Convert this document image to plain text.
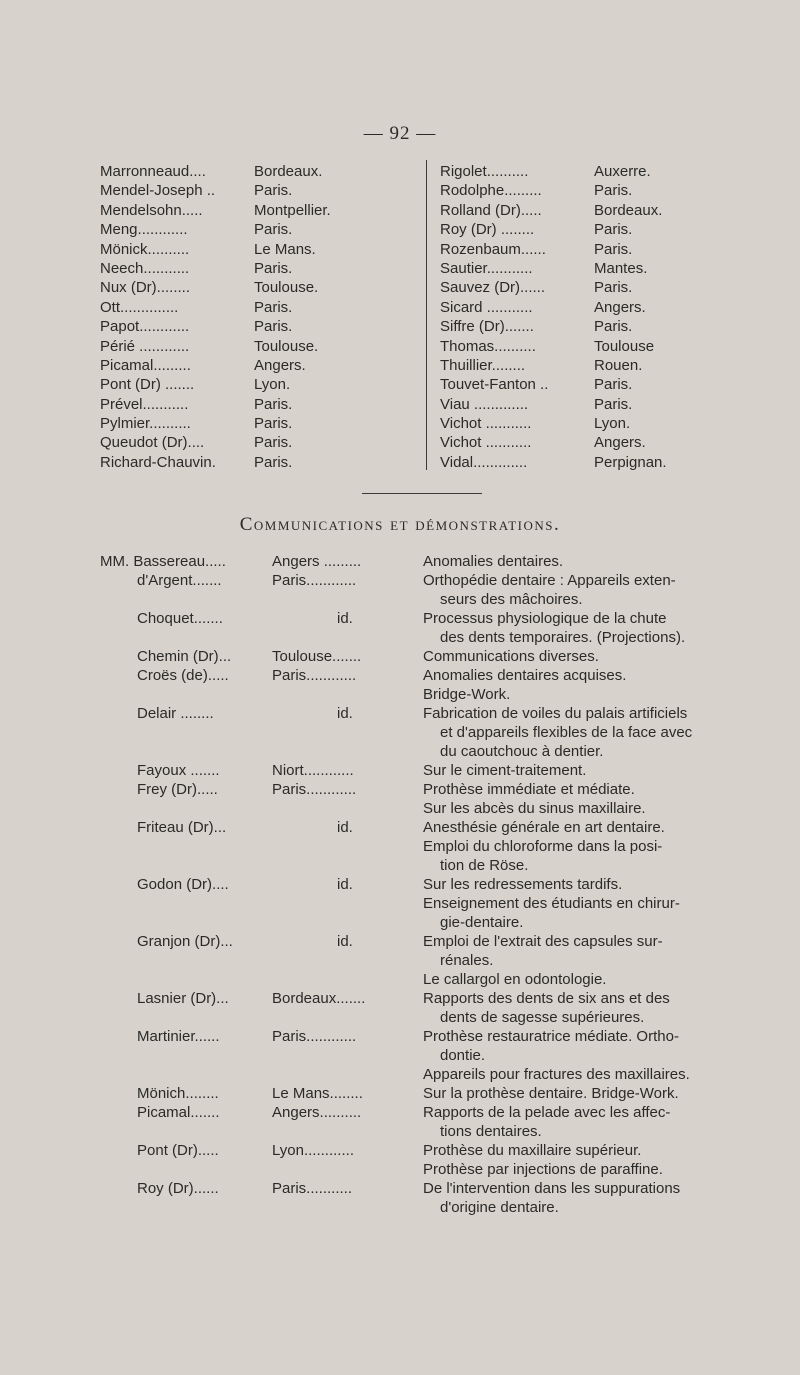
— 92 —
Marronneaud....	Bordeaux.
Mendel-Joseph ..	Paris.
Mendelsohn.....	Montpellier.
Meng............	Paris.
Mönick..........	Le Mans.
Neech...........	Paris.
Nux (Dr)........	Toulouse.
Ott..............	Paris.
Papot............	Paris.
Périé ............	Toulouse.
Picamal.........	Angers.
Pont (Dr) .......	Lyon.
Prével...........	Paris.
Pylmier..........	Paris.
Queudot (Dr)....	Paris.
Richard-Chauvin.	Paris.
Rigolet..........	Auxerre.
Rodolphe.........	Paris.
Rolland (Dr).....	Bordeaux.
Roy (Dr) ........	Paris.
Rozenbaum......	Paris.
Sautier...........	Mantes.
Sauvez (Dr)......	Paris.
Sicard ...........	Angers.
Siffre (Dr).......	Paris.
Thomas..........	Toulouse
Thuillier........	Rouen.
Touvet-Fanton ..	Paris.
Viau .............	Paris.
Vichot ...........	Lyon.
Vichot ...........	Angers.
Vidal.............	Perpignan.
Communications et démonstrations.
MM. Bassereau.....	Angers .........	Anomalies dentaires.
d'Argent.......	Paris............	Orthopédie dentaire : Appareils exten-
seurs des mâchoires.
Choquet.......	id.	Processus physiologique de la chute
des dents temporaires. (Projections).
Chemin (Dr)...	Toulouse.......	Communications diverses.
Croës (de).....	Paris............	Anomalies dentaires acquises.
Bridge-Work.
Delair ........	id.	Fabrication de voiles du palais artificiels
et d'appareils flexibles de la face avec
du caoutchouc à dentier.
Fayoux .......	Niort............	Sur le ciment-traitement.
Frey (Dr).....	Paris............	Prothèse immédiate et médiate.
Sur les abcès du sinus maxillaire.
Friteau (Dr)...	id.	Anesthésie générale en art dentaire.
Emploi du chloroforme dans la posi-
tion de Röse.
Godon (Dr)....	id.	Sur les redressements tardifs.
Enseignement des étudiants en chirur-
gie-dentaire.
Granjon (Dr)...	id.	Emploi de l'extrait des capsules sur-
rénales.
Le callargol en odontologie.
Lasnier (Dr)...	Bordeaux.......	Rapports des dents de six ans et des
dents de sagesse supérieures.
Martinier......	Paris............	Prothèse restauratrice médiate. Ortho-
dontie.
Appareils pour fractures des maxillaires.
Mönich........	Le Mans........	Sur la prothèse dentaire. Bridge-Work.
Picamal.......	Angers..........	Rapports de la pelade avec les affec-
tions dentaires.
Pont (Dr).....	Lyon............	Prothèse du maxillaire supérieur.
Prothèse par injections de paraffine.
Roy (Dr)......	Paris...........	De l'intervention dans les suppurations
d'origine dentaire.
